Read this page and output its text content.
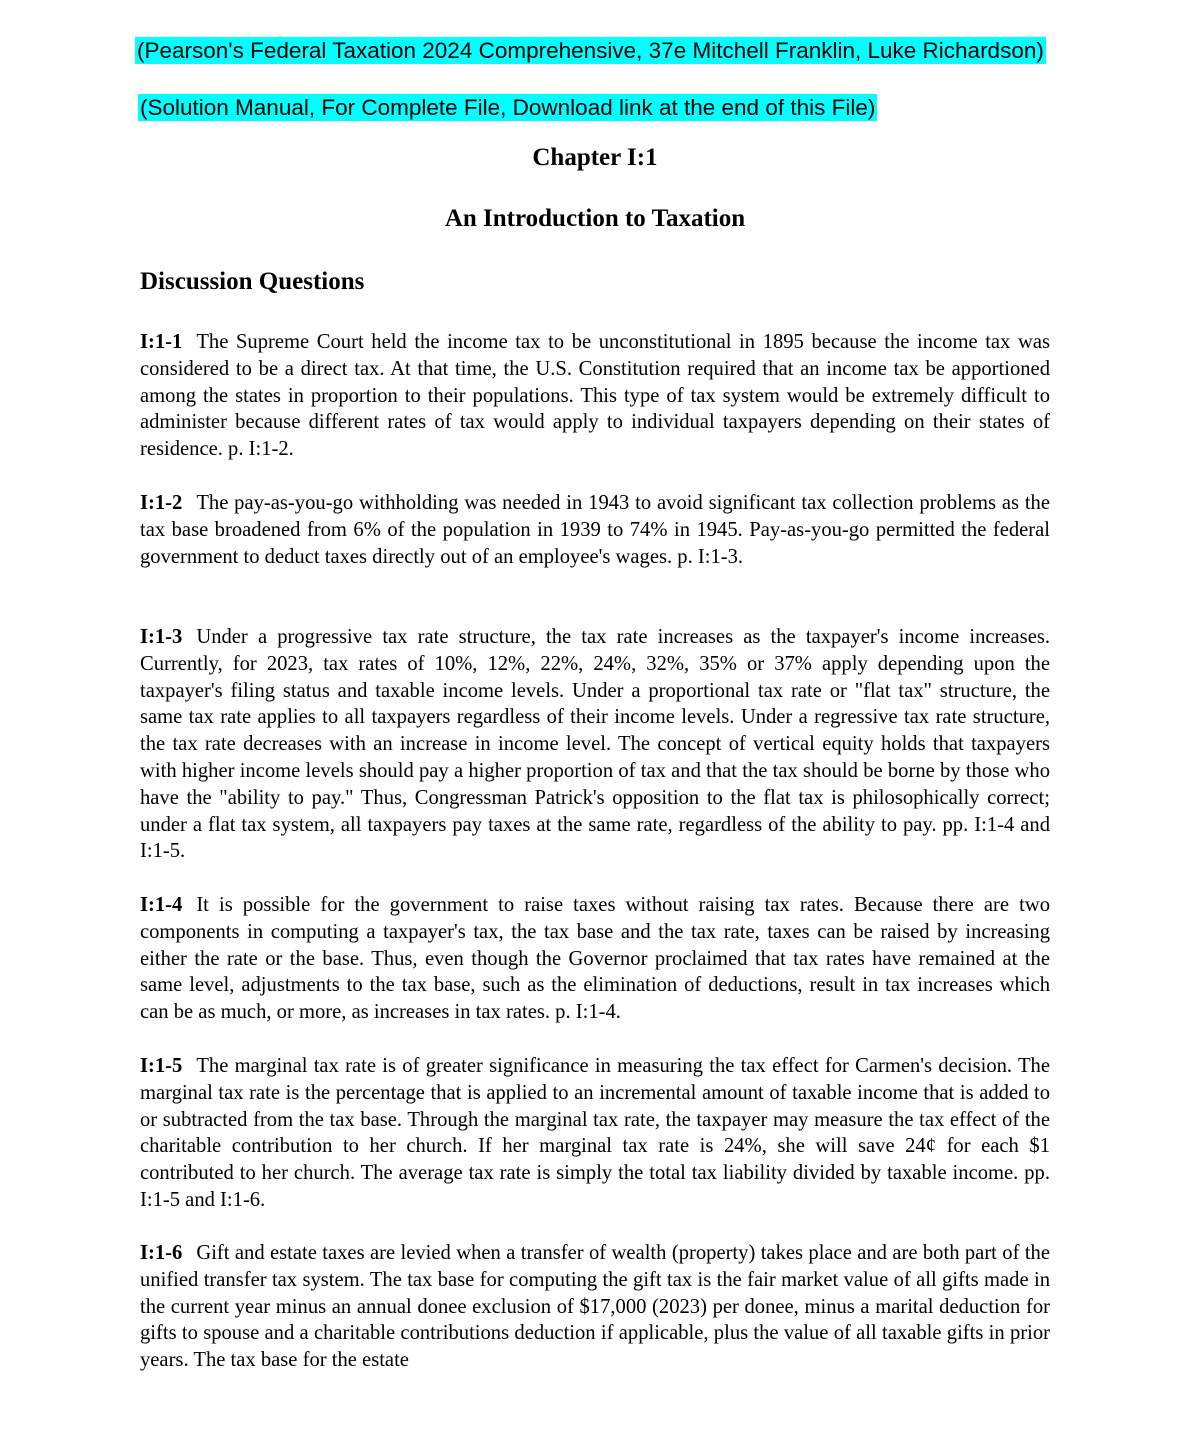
(Pearson's Federal Taxation 2024 Comprehensive, 37e Mitchell Franklin, Luke Richardson)
(Solution Manual, For Complete File, Download link at the end of this File)
Chapter I:1
An Introduction to Taxation
Discussion Questions

I:1-1 The Supreme Court held the income tax to be unconstitutional in 1895 because the income tax was considered to be a direct tax. At that time, the U.S. Constitution required that an income tax be apportioned among the states in proportion to their populations. This type of tax system would be extremely difficult to administer because different rates of tax would apply to individual taxpayers depending on their states of residence. p. I:1-2.

I:1-2 The pay-as-you-go withholding was needed in 1943 to avoid significant tax collection problems as the tax base broadened from 6% of the population in 1939 to 74% in 1945. Pay-as-you-go permitted the federal government to deduct taxes directly out of an employee's wages. p. I:1-3.

I:1-3 Under a progressive tax rate structure, the tax rate increases as the taxpayer's income increases. Currently, for 2023, tax rates of 10%, 12%, 22%, 24%, 32%, 35% or 37% apply depending upon the taxpayer's filing status and taxable income levels. Under a proportional tax rate or "flat tax" structure, the same tax rate applies to all taxpayers regardless of their income levels. Under a regressive tax rate structure, the tax rate decreases with an increase in income level. The concept of vertical equity holds that taxpayers with higher income levels should pay a higher proportion of tax and that the tax should be borne by those who have the "ability to pay." Thus, Congressman Patrick's opposition to the flat tax is philosophically correct; under a flat tax system, all taxpayers pay taxes at the same rate, regardless of the ability to pay. pp. I:1-4 and I:1-5.

I:1-4 It is possible for the government to raise taxes without raising tax rates. Because there are two components in computing a taxpayer's tax, the tax base and the tax rate, taxes can be raised by increasing either the rate or the base. Thus, even though the Governor proclaimed that tax rates have remained at the same level, adjustments to the tax base, such as the elimination of deductions, result in tax increases which can be as much, or more, as increases in tax rates. p. I:1-4.

I:1-5 The marginal tax rate is of greater significance in measuring the tax effect for Carmen's decision. The marginal tax rate is the percentage that is applied to an incremental amount of taxable income that is added to or subtracted from the tax base. Through the marginal tax rate, the taxpayer may measure the tax effect of the charitable contribution to her church. If her marginal tax rate is 24%, she will save 24¢ for each $1 contributed to her church. The average tax rate is simply the total tax liability divided by taxable income. pp. I:1-5 and I:1-6.

I:1-6 Gift and estate taxes are levied when a transfer of wealth (property) takes place and are both part of the unified transfer tax system. The tax base for computing the gift tax is the fair market value of all gifts made in the current year minus an annual donee exclusion of $17,000 (2023) per donee, minus a marital deduction for gifts to spouse and a charitable contributions deduction if applicable, plus the value of all taxable gifts in prior years. The tax base for the estate
